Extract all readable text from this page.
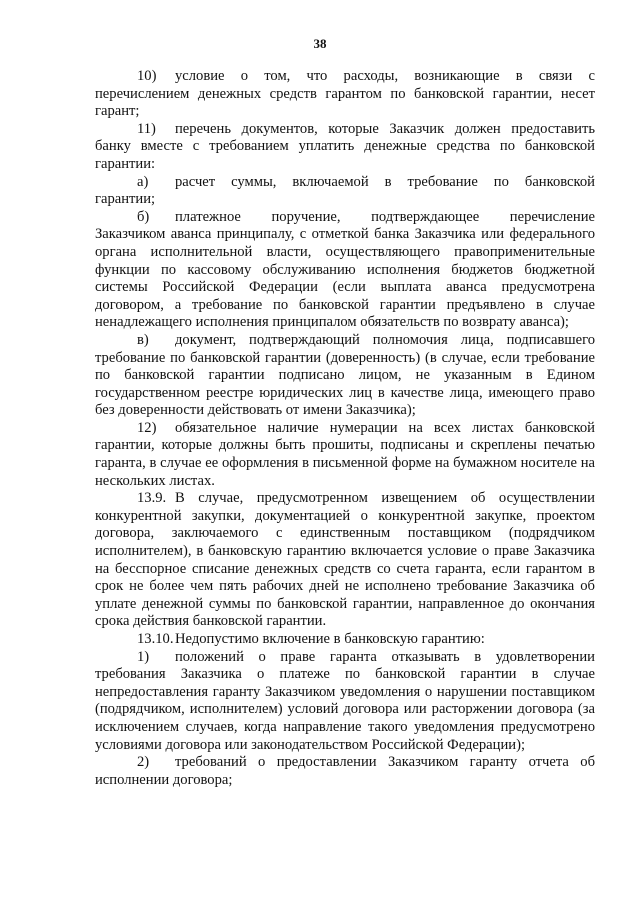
38
10) условие о том, что расходы, возникающие в связи с
перечислением денежных средств гарантом по банковской гарантии, несет гарант;
11) перечень документов, которые Заказчик должен предоставить
банку вместе с требованием уплатить денежные средства по банковской гарантии:
а) расчет суммы, включаемой в требование по банковской
гарантии;
б) платежное поручение, подтверждающее перечисление
Заказчиком аванса принципалу, с отметкой банка Заказчика или федерального органа исполнительной власти, осуществляющего правоприменительные функции по кассовому обслуживанию исполнения бюджетов бюджетной системы Российской Федерации (если выплата аванса предусмотрена договором, а требование по банковской гарантии предъявлено в случае ненадлежащего исполнения принципалом обязательств по возврату аванса);
в) документ, подтверждающий полномочия лица, подписавшего
требование по банковской гарантии (доверенность) (в случае, если требование по банковской гарантии подписано лицом, не указанным в Едином государственном реестре юридических лиц в качестве лица, имеющего право без доверенности действовать от имени Заказчика);
12) обязательное наличие нумерации на всех листах банковской
гарантии, которые должны быть прошиты, подписаны и скреплены печатью гаранта, в случае ее оформления в письменной форме на бумажном носителе на нескольких листах.
13.9. В случае, предусмотренном извещением об осуществлении
конкурентной закупки, документацией о конкурентной закупке, проектом договора, заключаемого с единственным поставщиком (подрядчиком исполнителем), в банковскую гарантию включается условие о праве Заказчика на бесспорное списание денежных средств со счета гаранта, если гарантом в срок не более чем пять рабочих дней не исполнено требование Заказчика об уплате денежной суммы по банковской гарантии, направленное до окончания срока действия банковской гарантии.
13.10. Недопустимо включение в банковскую гарантию:
1) положений о праве гаранта отказывать в удовлетворении
требования Заказчика о платеже по банковской гарантии в случае непредоставления гаранту Заказчиком уведомления о нарушении поставщиком (подрядчиком, исполнителем) условий договора или расторжении договора (за исключением случаев, когда направление такого уведомления предусмотрено условиями договора или законодательством Российской Федерации);
2) требований о предоставлении Заказчиком гаранту отчета об
исполнении договора;
